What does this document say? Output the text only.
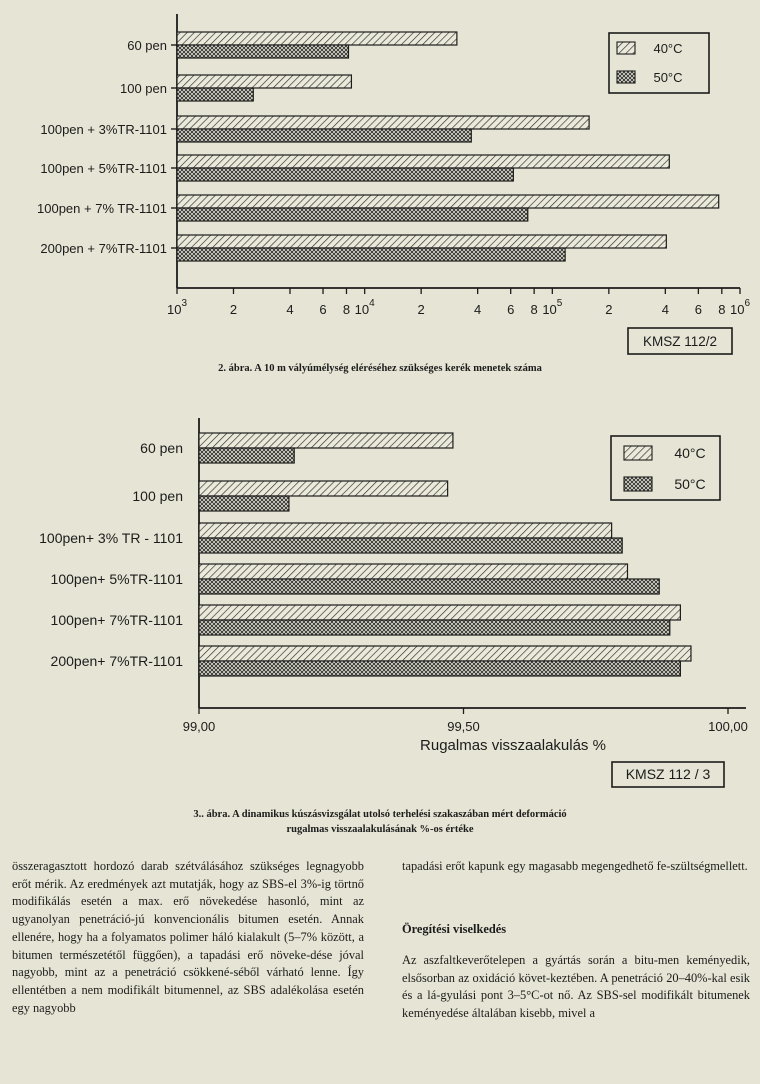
60 pen
100 pen
100pen + 3%TR-1101
100pen + 5%TR-1101
100pen + 7% TR-1101
200pen + 7%TR-1101
$10^3$	2	4 6 8 $10^4$	2	4 6 8 $10^5$	2	4 6 8 $10^6$
40°C
50°C
KMSZ 112/2
2. ábra. A 10 m vályúmélység eléréséhez szükséges kerék menetek száma
60 pen
100 pen
100pen+ 3% TR - 1101
100pen+ 5%TR-1101
100pen+ 7%TR-1101
200pen+ 7%TR-1101
99,00	99,50	100,00
Rugalmas visszaalakulás %
40°C
50°C
KMSZ 112 / 3
3.. ábra. A dinamikus kúszásvizsgálat utolsó terhelési szakaszában mért deformáció
rugalmas visszaalakulásának %-os értéke

összeragasztott hordozó darab szétválásához szükséges legnagyobb erőt mérik. Az eredmények azt mutatják, hogy az SBS-el 3%-ig törtnő modifikálás esetén a max. erő növekedése hasonló, mint az ugyanolyan penetráció-jú konvencionális bitumen esetén. Annak ellenére, hogy ha a folyamatos polimer háló kialakult (5–7% között, a bitumen természetétől függően), a tapadási erő növeke-dése jóval nagyobb, mint az a penetráció csökkené-séből várható lenne. Így ellentétben a nem modifikált bitumennel, az SBS adalékolása esetén egy nagyobb

tapadási erőt kapunk egy magasabb megengedhető fe-szültségmellett.

Öregítési viselkedés

Az aszfaltkeverőtelepen a gyártás során a bitu-men keményedik, elsősorban az oxidáció követ-keztében. A penetráció 20–40%-kal esik és a lá-gyulási pont 3–5°C-ot nő. Az SBS-sel modifikált bitumenek keményedése általában kisebb, mivel a
